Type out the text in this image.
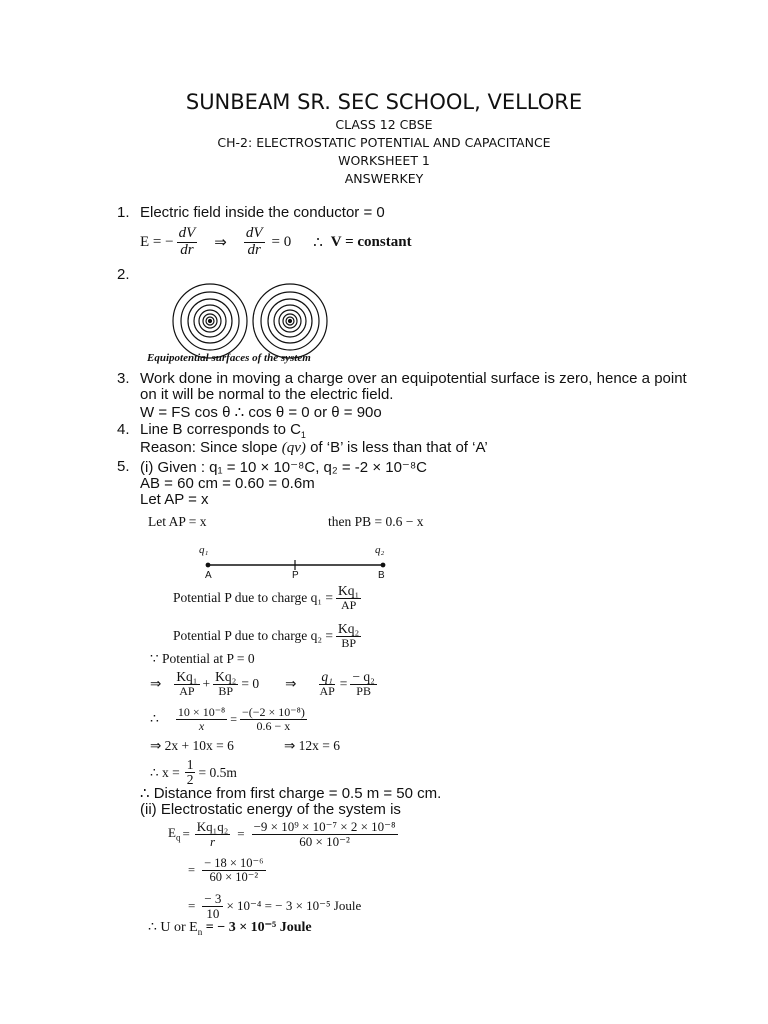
SUNBEAM SR. SEC SCHOOL, VELLORE
CLASS 12 CBSE
CH-2: ELECTROSTATIC POTENTIAL AND CAPACITANCE
WORKSHEET 1
ANSWERKEY
1. Electric field inside the conductor = 0
E = − $\frac{dV}{dr}$ ⇒ $\frac{dV}{dr} = 0$ ∴ V = constant
2.
Equipotential surfaces of the system
3. Work done in moving a charge over an equipotential surface is zero, hence a point
on it will be normal to the electric field.
W = FS cos θ ∴ cos θ = 0 or θ = 90o
4. Line B corresponds to $C_1$
Reason: Since slope (qv) of ‘B’ is less than that of ‘A’
5. (i) Given : q₁ = 10 × 10⁻⁸C, q₂ = -2 × 10⁻⁸C
AB = 60 cm = 0.60 = 0.6m
Let AP = x
Let AP = x	then PB = 0.6 − x
q₁	q₂
A	P	B
Potential P due to charge $q_1 = \frac{\text{Kq₁}}{AP}$
Potential P due to charge $q_2 = \frac{\text{Kq₂}}{BP}$
∵ Potential at P = 0
⇒ $\frac{\text{Kq₁}}{AP} + \frac{\text{Kq₂}}{BP} = 0$ ⇒ $\frac{\text{q₁}}{AP} = \frac{\text{− q₂}}{PB}$
∴ $\frac{\text{10 × 10⁻⁸}}{x} = \frac{\text{−(−2 × 10⁻⁸)}}{0.6 - x}$
⇒ 2x + 10x = 6	⇒ 12x = 6
∴ $x = \frac{1}{2} = 0.5m$
∴ Distance from first charge = 0.5 m = 50 cm.
(ii) Electrostatic energy of the system is
$E_q = \frac{\text{Kq₁q₂}}{r} = \frac{\text{−9 × 10⁹ × 10⁻⁷ × 2 × 10⁻⁸}}{\text{60 × 10⁻²}}$
= $\frac{\text{− 18 × 10⁻⁶}}{\text{60 × 10⁻²}}$
= $\frac{- 3}{10} \times 10^{-4}$ = − 3 × 10⁻⁵ Joule
∴ U or $E_n$ = − 3 × 10⁻⁵ Joule
